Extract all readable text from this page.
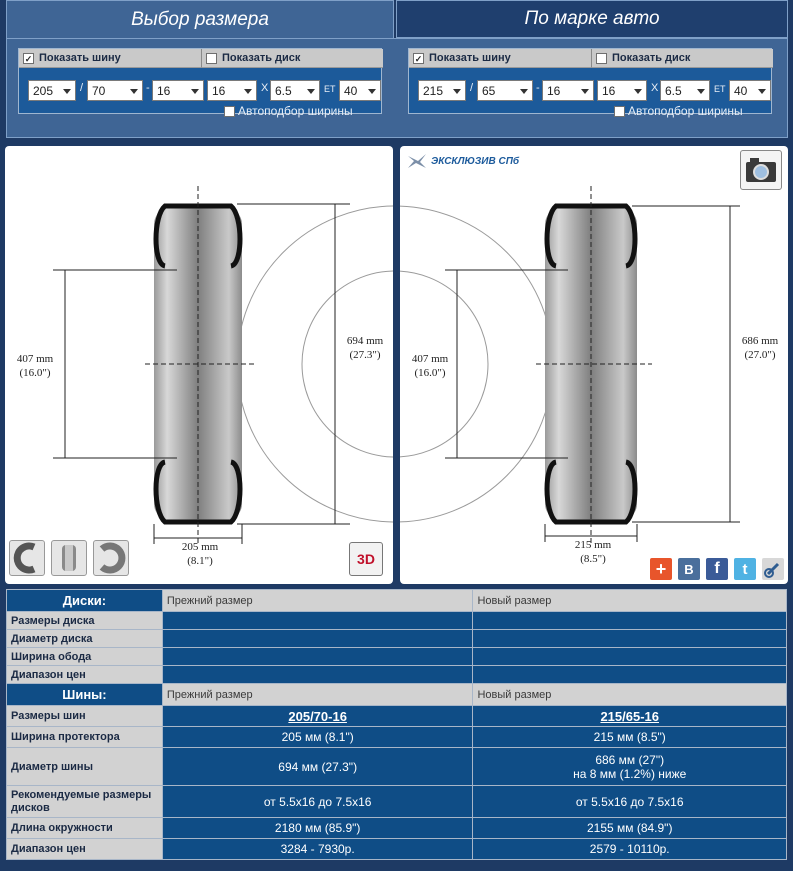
Выбор размера	По марке авто
✓ Показать шину	Показать диск
205 / 70	- 16	16	X 6.5	ET 40
Автоподбор ширины
✓ Показать шину	Показать диск
215 / 65	- 16	16	X 6.5	ET 40
Автоподбор ширины
407 mm
(16.0")
694 mm
(27.3")
205 mm
(8.1")	3D
407 mm
(16.0")
686 mm
(27.0")
215 mm
(8.5")
ЭКСКЛЮЗИВ СПб
+ B f t
Диски:	Прежний размер	Новый размер
Размеры диска		
Диаметр диска		
Ширина обода		
Диапазон цен		
Шины:	Прежний размер	Новый размер
Размеры шин	205/70-16	215/65-16
Ширина протектора	205 мм (8.1")	215 мм (8.5")
Диаметр шины	694 мм (27.3")	686 мм (27")
на 8 мм (1.2%) ниже

Рекомендуемые размеры
дисков	от 5.5x16 до 7.5x16	от 5.5x16 до 7.5x16
Длина окружности	2180 мм (85.9")	2155 мм (84.9")
Диапазон цен	3284 - 7930р.	2579 - 10110р.
